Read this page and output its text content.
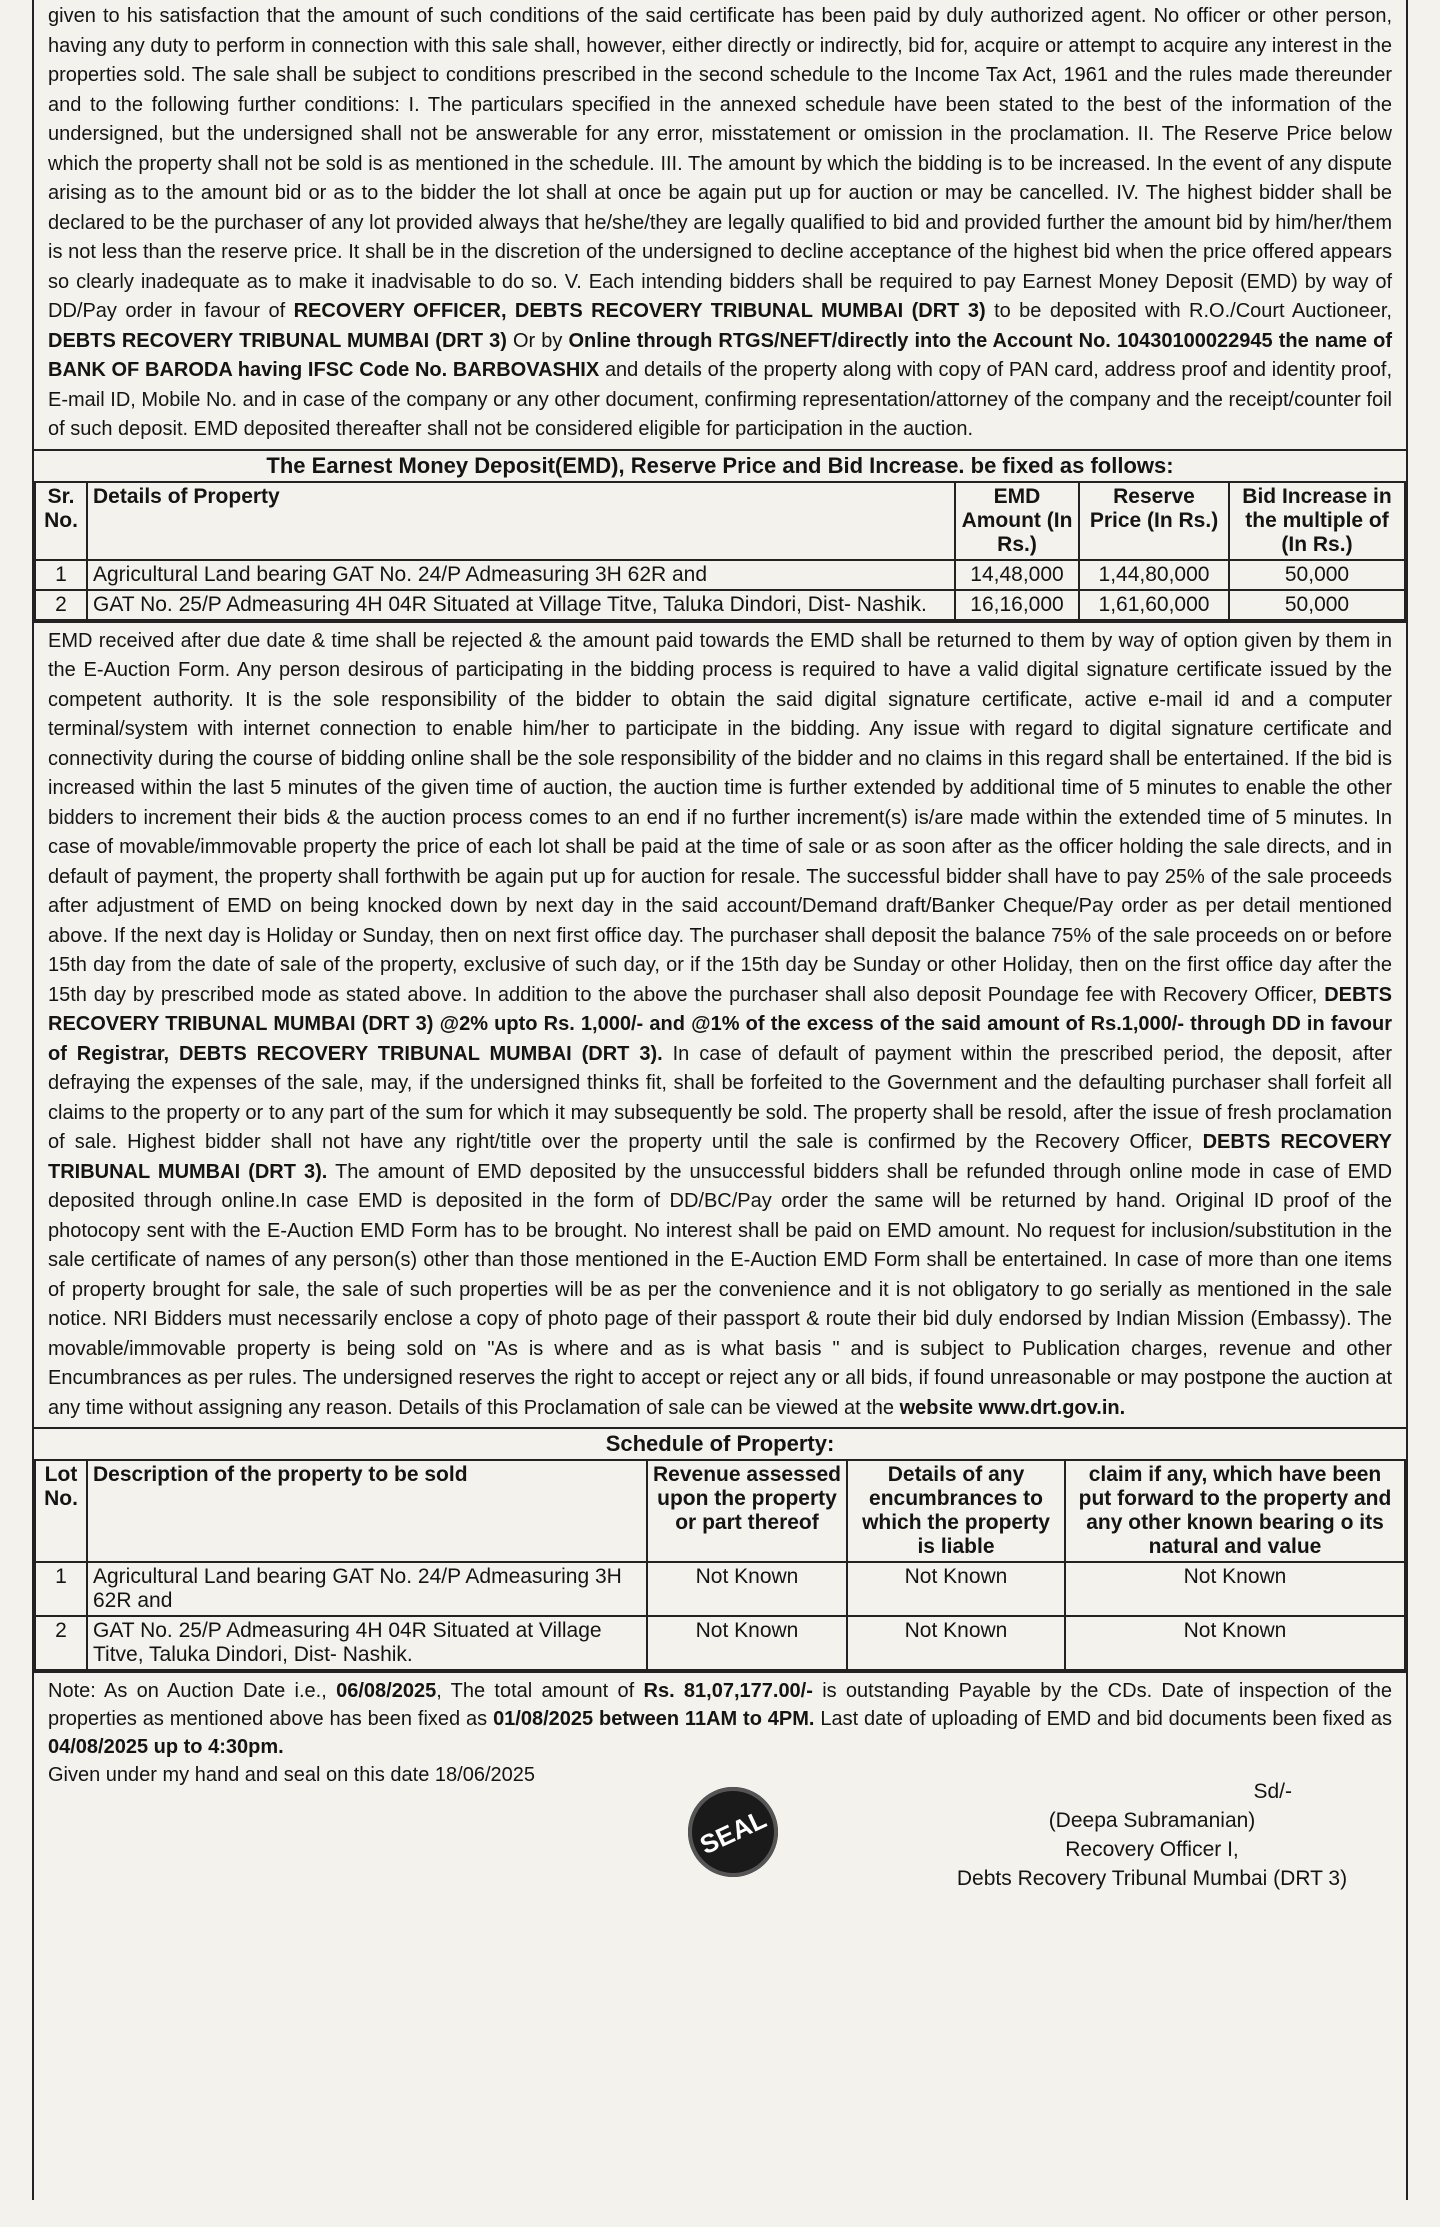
given to his satisfaction that the amount of such conditions of the said certificate has been paid by duly authorized agent. No officer or other person, having any duty to perform in connection with this sale shall, however, either directly or indirectly, bid for, acquire or attempt to acquire any interest in the properties sold. The sale shall be subject to conditions prescribed in the second schedule to the Income Tax Act, 1961 and the rules made thereunder and to the following further conditions: I. The particulars specified in the annexed schedule have been stated to the best of the information of the undersigned, but the undersigned shall not be answerable for any error, misstatement or omission in the proclamation. II. The Reserve Price below which the property shall not be sold is as mentioned in the schedule. III. The amount by which the bidding is to be increased. In the event of any dispute arising as to the amount bid or as to the bidder the lot shall at once be again put up for auction or may be cancelled. IV. The highest bidder shall be declared to be the purchaser of any lot provided always that he/she/they are legally qualified to bid and provided further the amount bid by him/her/them is not less than the reserve price. It shall be in the discretion of the undersigned to decline acceptance of the highest bid when the price offered appears so clearly inadequate as to make it inadvisable to do so. V. Each intending bidders shall be required to pay Earnest Money Deposit (EMD) by way of DD/Pay order in favour of RECOVERY OFFICER, DEBTS RECOVERY TRIBUNAL MUMBAI (DRT 3) to be deposited with R.O./Court Auctioneer, DEBTS RECOVERY TRIBUNAL MUMBAI (DRT 3) Or by Online through RTGS/NEFT/directly into the Account No. 10430100022945 the name of BANK OF BARODA having IFSC Code No. BARBOVASHIX and details of the property along with copy of PAN card, address proof and identity proof, E-mail ID, Mobile No. and in case of the company or any other document, confirming representation/attorney of the company and the receipt/counter foil of such deposit. EMD deposited thereafter shall not be considered eligible for participation in the auction.

The Earnest Money Deposit(EMD), Reserve Price and Bid Increase. be fixed as follows:
Sr. No.	Details of Property	EMD Amount (In Rs.)	Reserve Price (In Rs.)	Bid Increase in the multiple of (In Rs.)
1	Agricultural Land bearing GAT No. 24/P Admeasuring 3H 62R and	14,48,000	1,44,80,000	50,000
2	GAT No. 25/P Admeasuring 4H 04R Situated at Village Titve, Taluka Dindori, Dist- Nashik.	16,16,000	1,61,60,000	50,000

EMD received after due date & time shall be rejected & the amount paid towards the EMD shall be returned to them by way of option given by them in the E-Auction Form. Any person desirous of participating in the bidding process is required to have a valid digital signature certificate issued by the competent authority. It is the sole responsibility of the bidder to obtain the said digital signature certificate, active e-mail id and a computer terminal/system with internet connection to enable him/her to participate in the bidding. Any issue with regard to digital signature certificate and connectivity during the course of bidding online shall be the sole responsibility of the bidder and no claims in this regard shall be entertained. If the bid is increased within the last 5 minutes of the given time of auction, the auction time is further extended by additional time of 5 minutes to enable the other bidders to increment their bids & the auction process comes to an end if no further increment(s) is/are made within the extended time of 5 minutes. In case of movable/immovable property the price of each lot shall be paid at the time of sale or as soon after as the officer holding the sale directs, and in default of payment, the property shall forthwith be again put up for auction for resale. The successful bidder shall have to pay 25% of the sale proceeds after adjustment of EMD on being knocked down by next day in the said account/Demand draft/Banker Cheque/Pay order as per detail mentioned above. If the next day is Holiday or Sunday, then on next first office day. The purchaser shall deposit the balance 75% of the sale proceeds on or before 15th day from the date of sale of the property, exclusive of such day, or if the 15th day be Sunday or other Holiday, then on the first office day after the 15th day by prescribed mode as stated above. In addition to the above the purchaser shall also deposit Poundage fee with Recovery Officer, DEBTS RECOVERY TRIBUNAL MUMBAI (DRT 3) @2% upto Rs. 1,000/- and @1% of the excess of the said amount of Rs.1,000/- through DD in favour of Registrar, DEBTS RECOVERY TRIBUNAL MUMBAI (DRT 3). In case of default of payment within the prescribed period, the deposit, after defraying the expenses of the sale, may, if the undersigned thinks fit, shall be forfeited to the Government and the defaulting purchaser shall forfeit all claims to the property or to any part of the sum for which it may subsequently be sold. The property shall be resold, after the issue of fresh proclamation of sale. Highest bidder shall not have any right/title over the property until the sale is confirmed by the Recovery Officer, DEBTS RECOVERY TRIBUNAL MUMBAI (DRT 3). The amount of EMD deposited by the unsuccessful bidders shall be refunded through online mode in case of EMD deposited through online.In case EMD is deposited in the form of DD/BC/Pay order the same will be returned by hand. Original ID proof of the photocopy sent with the E-Auction EMD Form has to be brought. No interest shall be paid on EMD amount. No request for inclusion/substitution in the sale certificate of names of any person(s) other than those mentioned in the E-Auction EMD Form shall be entertained. In case of more than one items of property brought for sale, the sale of such properties will be as per the convenience and it is not obligatory to go serially as mentioned in the sale notice. NRI Bidders must necessarily enclose a copy of photo page of their passport & route their bid duly endorsed by Indian Mission (Embassy). The movable/immovable property is being sold on "As is where and as is what basis " and is subject to Publication charges, revenue and other Encumbrances as per rules. The undersigned reserves the right to accept or reject any or all bids, if found unreasonable or may postpone the auction at any time without assigning any reason. Details of this Proclamation of sale can be viewed at the website www.drt.gov.in.

Schedule of Property:
Lot No.	Description of the property to be sold	Revenue assessed upon the property or part thereof	Details of any encumbrances to which the property is liable	claim if any, which have been put forward to the property and any other known bearing o its natural and value
1	Agricultural Land bearing GAT No. 24/P Admeasuring 3H 62R and	Not Known	Not Known	Not Known
2	GAT No. 25/P Admeasuring 4H 04R Situated at Village Titve, Taluka Dindori, Dist- Nashik.	Not Known	Not Known	Not Known

Note: As on Auction Date i.e., 06/08/2025, The total amount of Rs. 81,07,177.00/- is outstanding Payable by the CDs. Date of inspection of the properties as mentioned above has been fixed as 01/08/2025 between 11AM to 4PM. Last date of uploading of EMD and bid documents been fixed as 04/08/2025 up to 4:30pm.

Given under my hand and seal on this date 18/06/2025

SEAL
Sd/-
(Deepa Subramanian)
Recovery Officer I,
Debts Recovery Tribunal Mumbai (DRT 3)
